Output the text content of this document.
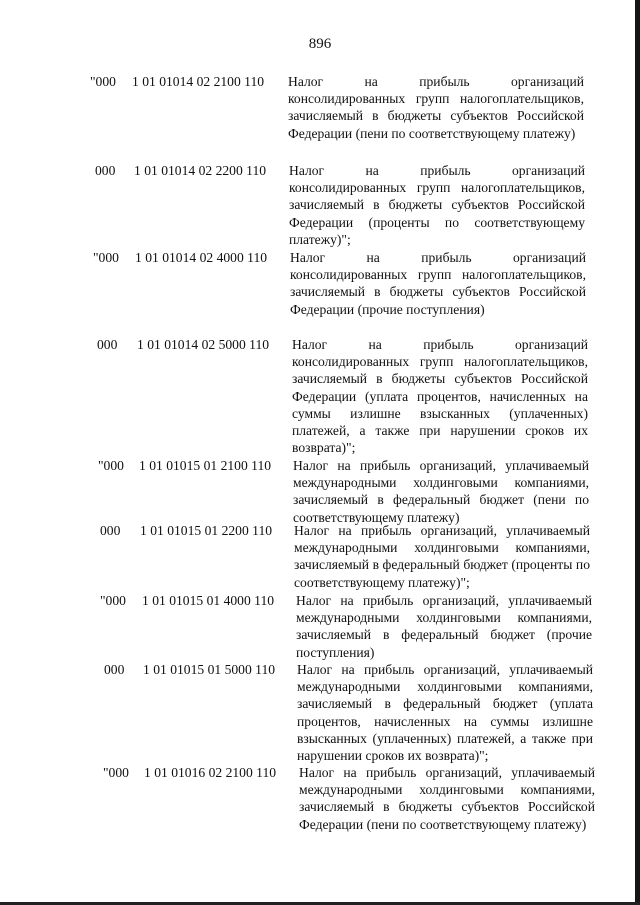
896
"000 1 01 01014 02 2100 110 Налог на прибыль организаций консолидированных групп налогоплательщиков, зачисляемый в бюджеты субъектов Российской Федерации (пени по соответствующему платежу)
000 1 01 01014 02 2200 110 Налог на прибыль организаций консолидированных групп налогоплательщиков, зачисляемый в бюджеты субъектов Российской Федерации (проценты по соответствующему платежу)";
"000 1 01 01014 02 4000 110 Налог на прибыль организаций консолидированных групп налогоплательщиков, зачисляемый в бюджеты субъектов Российской Федерации (прочие поступления)
000 1 01 01014 02 5000 110 Налог на прибыль организаций консолидированных групп налогоплательщиков, зачисляемый в бюджеты субъектов Российской Федерации (уплата процентов, начисленных на суммы излишне взысканных (уплаченных) платежей, а также при нарушении сроков их возврата)";
"000 1 01 01015 01 2100 110 Налог на прибыль организаций, уплачиваемый международными холдинговыми компаниями, зачисляемый в федеральный бюджет (пени по соответствующему платежу)
000 1 01 01015 01 2200 110 Налог на прибыль организаций, уплачиваемый международными холдинговыми компаниями, зачисляемый в федеральный бюджет (проценты по соответствующему платежу)";
"000 1 01 01015 01 4000 110 Налог на прибыль организаций, уплачиваемый международными холдинговыми компаниями, зачисляемый в федеральный бюджет (прочие поступления)
000 1 01 01015 01 5000 110 Налог на прибыль организаций, уплачиваемый международными холдинговыми компаниями, зачисляемый в федеральный бюджет (уплата процентов, начисленных на суммы излишне взысканных (уплаченных) платежей, а также при нарушении сроков их возврата)";
"000 1 01 01016 02 2100 110 Налог на прибыль организаций, уплачиваемый международными холдинговыми компаниями, зачисляемый в бюджеты субъектов Российской Федерации (пени по соответствующему платежу)
